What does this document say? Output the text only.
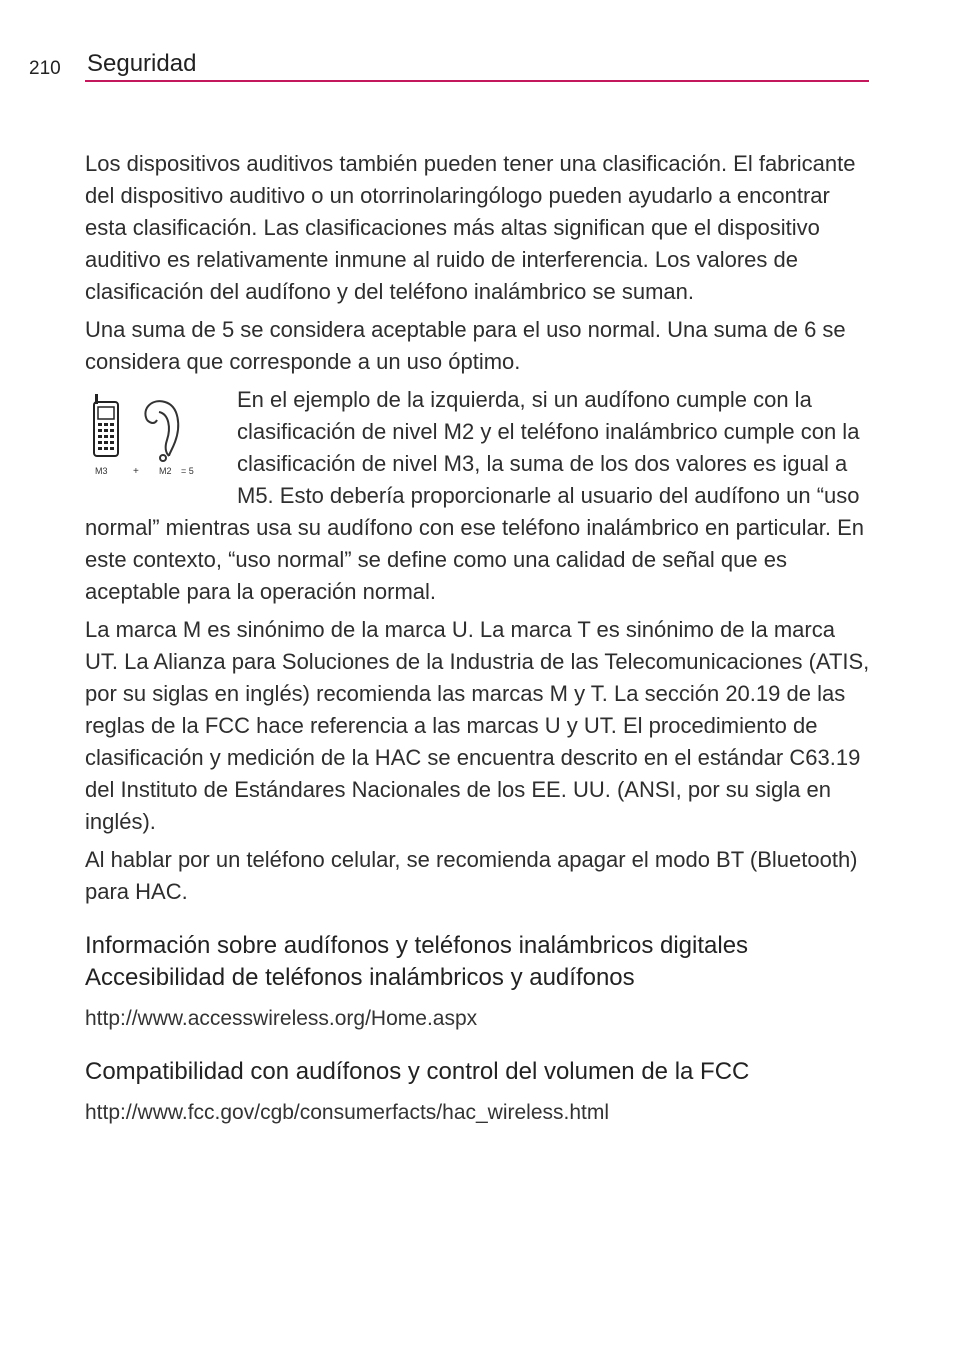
210 Seguridad

Los dispositivos auditivos también pueden tener una clasificación. El fabricante del dispositivo auditivo o un otorrinolaringólogo pueden ayudarlo a encontrar esta clasificación. Las clasificaciones más altas significan que el dispositivo auditivo es relativamente inmune al ruido de interferencia. Los valores de clasificación del audífono y del teléfono inalámbrico se suman.

Una suma de 5 se considera aceptable para el uso normal. Una suma de 6 se considera que corresponde a un uso óptimo.

M3	+ M2 = 5

En el ejemplo de la izquierda, si un audífono cumple con la clasificación de nivel M2 y el teléfono inalámbrico cumple con la clasificación de nivel M3, la suma de los dos valores es igual a M5. Esto debería proporcionarle al usuario del audífono un “uso normal” mientras usa su audífono con ese teléfono inalámbrico en particular. En este contexto, “uso normal” se define como una calidad de señal que es aceptable para la operación normal.

La marca M es sinónimo de la marca U. La marca T es sinónimo de la marca UT. La Alianza para Soluciones de la Industria de las Telecomunicaciones (ATIS, por su siglas en inglés) recomienda las marcas M y T. La sección 20.19 de las reglas de la FCC hace referencia a las marcas U y UT. El procedimiento de clasificación y medición de la HAC se encuentra descrito en el estándar C63.19 del Instituto de Estándares Nacionales de los EE. UU. (ANSI, por su sigla en inglés).

Al hablar por un teléfono celular, se recomienda apagar el modo BT (Bluetooth) para HAC.

Información sobre audífonos y teléfonos inalámbricos digitales Accesibilidad de teléfonos inalámbricos y audífonos
http://www.accesswireless.org/Home.aspx
Compatibilidad con audífonos y control del volumen de la FCC
http://www.fcc.gov/cgb/consumerfacts/hac_wireless.html
